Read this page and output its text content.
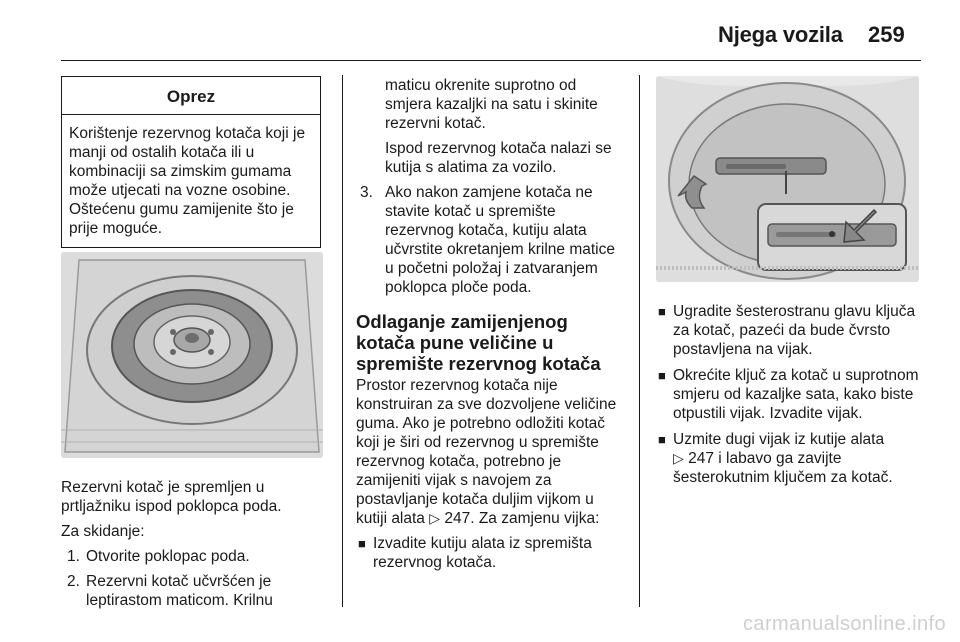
Njega vozila 259
Oprez
Korištenje rezervnog kotača koji je manji od ostalih kotača ili u kombinaciji sa zimskim gumama može utjecati na vozne osobine. Oštećenu gumu zamijenite što je prije moguće.

Rezervni kotač je spremljen u prtljažniku ispod poklopca poda.

Za skidanje:

1. Otvorite poklopac poda.
2. Rezervni kotač učvršćen je leptirastom maticom. Krilnu
maticu okrenite suprotno od smjera kazaljki na satu i skinite rezervni kotač.
Ispod rezervnog kotača nalazi se kutija s alatima za vozilo.
3. Ako nakon zamjene kotača ne stavite kotač u spremište rezervnog kotača, kutiju alata učvrstite okretanjem krilne matice u početni položaj i zatvaranjem poklopca ploče poda.
Odlaganje zamijenjenog kotača pune veličine u spremište rezervnog kotača

Prostor rezervnog kotača nije konstruiran za sve dozvoljene veličine guma. Ako je potrebno odložiti kotač koji je širi od rezervnog u spremište rezervnog kotača, potrebno je zamijeniti vijak s navojem za postavljanje kotača duljim vijkom u kutiji alata ▷ 247. Za zamjenu vijka:

■ Izvadite kutiju alata iz spremišta rezervnog kotača.
■ Ugradite šesterostranu glavu ključa za kotač, pazeći da bude čvrsto postavljena na vijak.
■ Okrećite ključ za kotač u suprotnom smjeru od kazaljke sata, kako biste otpustili vijak. Izvadite vijak.
■ Uzmite dugi vijak iz kutije alata
▷ 247 i labavo ga zavijte šesterokutnim ključem za kotač.
carmanualsonline.info
